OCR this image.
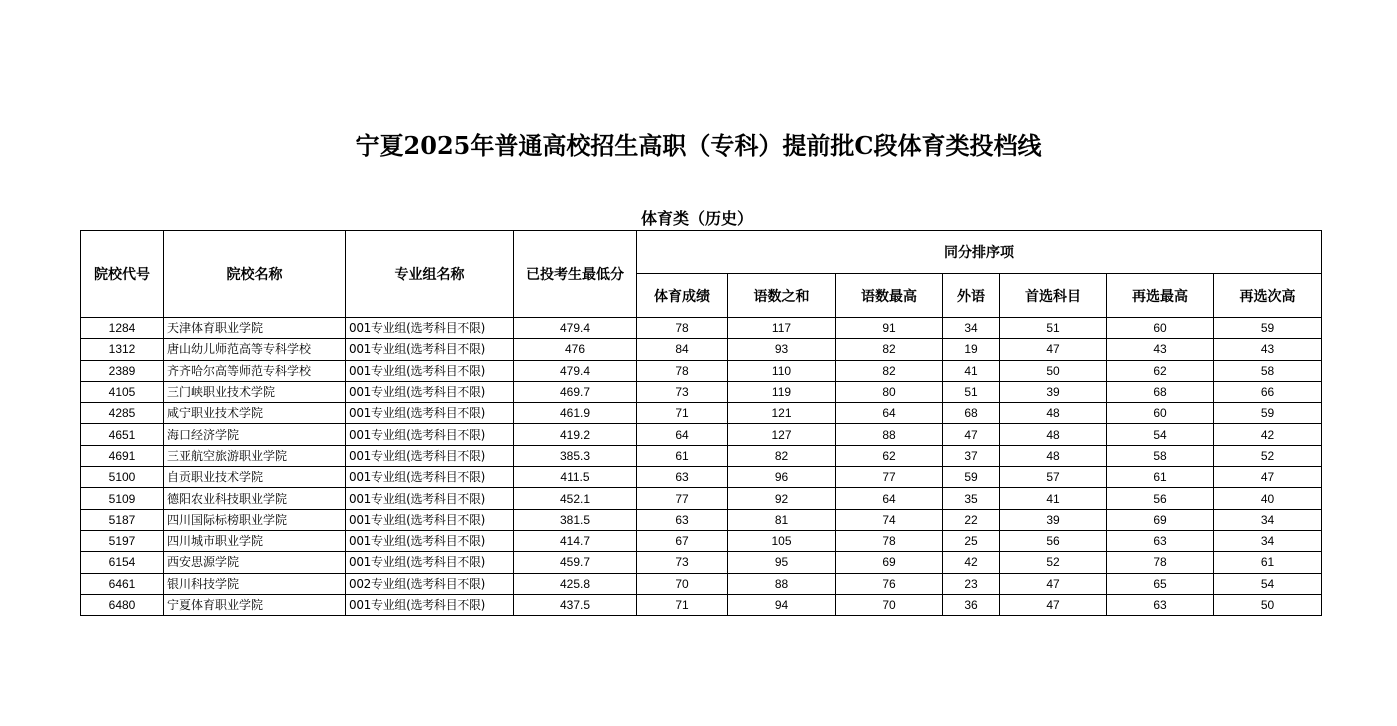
宁夏2025年普通高校招生高职（专科）提前批C段体育类投档线
体育类（历史）
院校代号	院校名称	专业组名称	已投考生最低分	同分排序项						
				体育成绩	语数之和	语数最高	外语	首选科目	再选最高	再选次高
1284	天津体育职业学院	001专业组(选考科目不限)	479.4	78	117	91	34	51	60	59
1312	唐山幼儿师范高等专科学校	001专业组(选考科目不限)	476	84	93	82	19	47	43	43
2389	齐齐哈尔高等师范专科学校	001专业组(选考科目不限)	479.4	78	110	82	41	50	62	58
4105	三门峡职业技术学院	001专业组(选考科目不限)	469.7	73	119	80	51	39	68	66
4285	咸宁职业技术学院	001专业组(选考科目不限)	461.9	71	121	64	68	48	60	59
4651	海口经济学院	001专业组(选考科目不限)	419.2	64	127	88	47	48	54	42
4691	三亚航空旅游职业学院	001专业组(选考科目不限)	385.3	61	82	62	37	48	58	52
5100	自贡职业技术学院	001专业组(选考科目不限)	411.5	63	96	77	59	57	61	47
5109	德阳农业科技职业学院	001专业组(选考科目不限)	452.1	77	92	64	35	41	56	40
5187	四川国际标榜职业学院	001专业组(选考科目不限)	381.5	63	81	74	22	39	69	34
5197	四川城市职业学院	001专业组(选考科目不限)	414.7	67	105	78	25	56	63	34
6154	西安思源学院	001专业组(选考科目不限)	459.7	73	95	69	42	52	78	61
6461	银川科技学院	002专业组(选考科目不限)	425.8	70	88	76	23	47	65	54
6480	宁夏体育职业学院	001专业组(选考科目不限)	437.5	71	94	70	36	47	63	50
